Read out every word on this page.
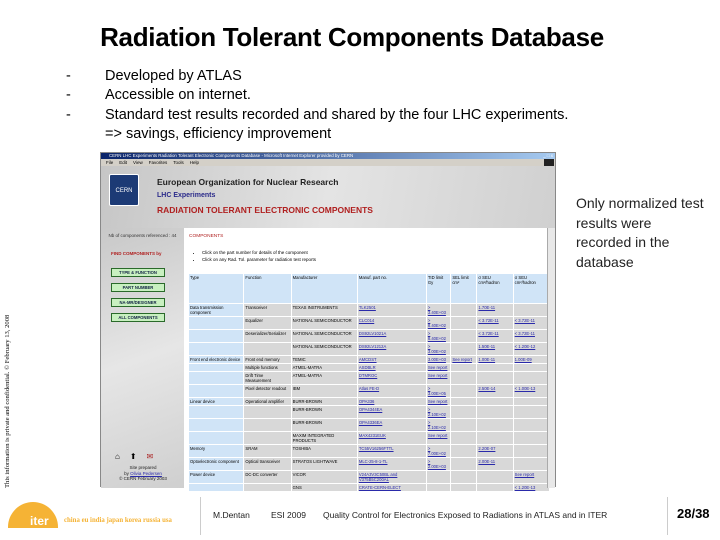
Radiation Tolerant Components Database
-	Developed by ATLAS
-	Accessible on internet.
-	Standard test results recorded and shared by the four LHC experiments.
=> savings, efficiency improvement
Only normalized test results were recorded in the database
This information is private and confidential. © February 13, 2008
CERN LHC Experiments Radiation Tolerant Electronic Components Database - Microsoft Internet Explorer provided by CERN	_ □ x
File Edit View Favorites Tools Help
CERN
European Organization for Nuclear Research
LHC Experiments
RADIATION TOLERANT ELECTRONIC COMPONENTS
Nb of components referenced : 44
FIND COMPONENTS by
TYPE & FUNCTION
PART NUMBER
NA-MR/DESIGNER
ALL COMPONENTS
⌂ ⬆ ✉
Site prepared
by Olivia Pedersen
© CERN February 2003
COMPONENTS
• Click on the part number for details of the component
• Click on any Rad. Tol. parameter for radiation test reports
Type	Function	Manufacturer	Manuf. part no.	TID limit Gy	SEL limit cm²	σ SEU cm²/hadron	σ SEU cm²/hadron
Data transmission component	Transceiver	TEXAS INSTRUMENTS	TLK2501	> 3.40E+03		1.70E-11	
	Equalizer	NATIONAL SEMICONDUCTOR	CLC014	> 8.40E+02		< 3.72E-11	< 3.72E-11
	Deserializer/Serializer	NATIONAL SEMICONDUCTOR	DS92LV1021A	> 8.40E+02		< 3.72E-11	< 3.72E-11
		NATIONAL SEMICONDUCTOR	DS92LV1212A	> 3.00E+02		1.50E-11	< 1.20E-12
Front end electronic device	Front end memory	TEMIC	AMCDST	3.00E+03	See report	1.00E-11	1.00E-09
	Multiple functions	ATMEL-MATRA	ASDBLR	See report			
	Drift Time Measurement	ATMEL-MATRA	DTMROC	See report			
	Pixel detector readout	IBM	Atlas FE-D	> 3.00E+05		2.50E-14	< 1.00E-13
Linear device	Operational amplifier	BURR-BROWN	OPA336	See report			
		BURR-BROWN	OPA4344EA	> 2.10E+02			
		BURR-BROWN	OPA4336EA	> 2.10E+02			
		MAXIM INTEGRATED PRODUCTS	MAX4231EUK	See report			
Memory	SRAM	TOSHIBA	TC55V16256FTTL	> 7.00E+02		2.20E-07	
Optoelectronic component	Optical transceiver	STRATOS LIGHTWAVE	MLC-25-8-1-TL	> 2.00E+03		2.00E-11	
Power device	DC-DC converter	VICOR	V24A3V3C50BL and V375B5C200AL				See report
		GNS	CRATE-CERN-ELECT				< 1.20E-13
iter china eu india japan korea russia usa
M.Dentan ESI 2009 Quality Control for Electronics Exposed to Radiations in ATLAS and in ITER	28/38
